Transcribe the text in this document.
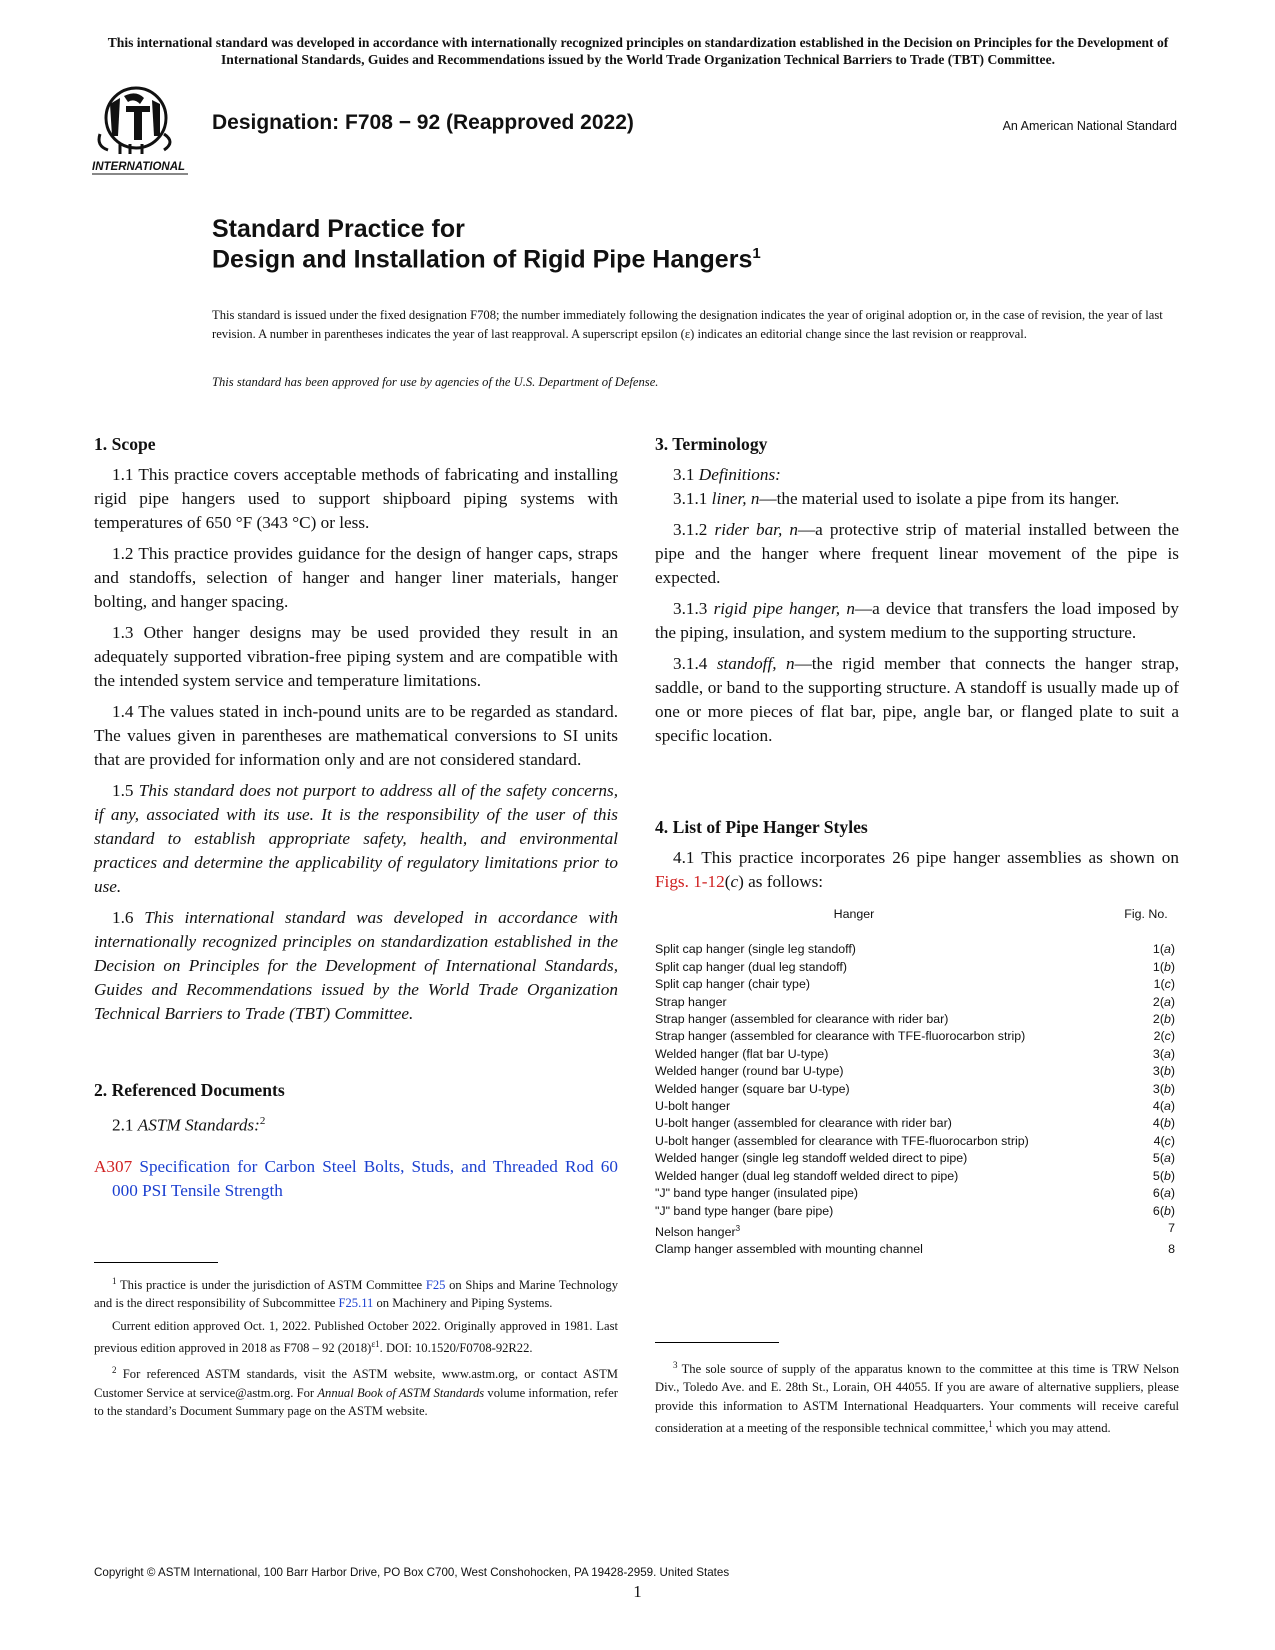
This international standard was developed in accordance with internationally recognized principles on standardization established in the Decision on Principles for the Development of International Standards, Guides and Recommendations issued by the World Trade Organization Technical Barriers to Trade (TBT) Committee.
INTERNATIONAL
Designation: F708 − 92 (Reapproved 2022)	An American National Standard
Standard Practice for
Design and Installation of Rigid Pipe Hangers$^1$
This standard is issued under the fixed designation F708; the number immediately following the designation indicates the year of original adoption or, in the case of revision, the year of last revision. A number in parentheses indicates the year of last reapproval. A superscript epsilon (ε) indicates an editorial change since the last revision or reapproval.
This standard has been approved for use by agencies of the U.S. Department of Defense.
1. Scope

1.1 This practice covers acceptable methods of fabricating and installing rigid pipe hangers used to support shipboard piping systems with temperatures of 650 °F (343 °C) or less.

1.2 This practice provides guidance for the design of hanger caps, straps and standoffs, selection of hanger and hanger liner materials, hanger bolting, and hanger spacing.

1.3 Other hanger designs may be used provided they result in an adequately supported vibration-free piping system and are compatible with the intended system service and temperature limitations.

1.4 The values stated in inch-pound units are to be regarded as standard. The values given in parentheses are mathematical conversions to SI units that are provided for information only and are not considered standard.

1.5 This standard does not purport to address all of the safety concerns, if any, associated with its use. It is the responsibility of the user of this standard to establish appropriate safety, health, and environmental practices and determine the applicability of regulatory limitations prior to use.

1.6 This international standard was developed in accordance with internationally recognized principles on standardization established in the Decision on Principles for the Development of International Standards, Guides and Recommendations issued by the World Trade Organization Technical Barriers to Trade (TBT) Committee.

2. Referenced Documents

2.1 ASTM Standards:$^2$

A307 Specification for Carbon Steel Bolts, Studs, and Threaded Rod 60 000 PSI Tensile Strength

3. Terminology

3.1 Definitions:

3.1.1 liner, n—the material used to isolate a pipe from its hanger.

3.1.2 rider bar, n—a protective strip of material installed between the pipe and the hanger where frequent linear movement of the pipe is expected.

3.1.3 rigid pipe hanger, n—a device that transfers the load imposed by the piping, insulation, and system medium to the supporting structure.

3.1.4 standoff, n—the rigid member that connects the hanger strap, saddle, or band to the supporting structure. A standoff is usually made up of one or more pieces of flat bar, pipe, angle bar, or flanged plate to suit a specific location.

4. List of Pipe Hanger Styles

4.1 This practice incorporates 26 pipe hanger assemblies as shown on Figs. 1-12(c) as follows:

Hanger	Fig. No.
Split cap hanger (single leg standoff)	1(a)
Split cap hanger (dual leg standoff)	1(b)
Split cap hanger (chair type)	1(c)
Strap hanger	2(a)
Strap hanger (assembled for clearance with rider bar)	2(b)
Strap hanger (assembled for clearance with TFE-fluorocarbon strip)	2(c)
Welded hanger (flat bar U-type)	3(a)
Welded hanger (round bar U-type)	3(b)
Welded hanger (square bar U-type)	3(b)
U-bolt hanger	4(a)
U-bolt hanger (assembled for clearance with rider bar)	4(b)
U-bolt hanger (assembled for clearance with TFE-fluorocarbon strip)	4(c)
Welded hanger (single leg standoff welded direct to pipe)	5(a)
Welded hanger (dual leg standoff welded direct to pipe)	5(b)
"J" band type hanger (insulated pipe)	6(a)
"J" band type hanger (bare pipe)	6(b)
Nelson hanger$^3$	7
Clamp hanger assembled with mounting channel	8

$^1$ This practice is under the jurisdiction of ASTM Committee F25 on Ships and Marine Technology and is the direct responsibility of Subcommittee F25.11 on Machinery and Piping Systems.

Current edition approved Oct. 1, 2022. Published October 2022. Originally approved in 1981. Last previous edition approved in 2018 as F708 – 92 $(2018)^{\varepsilon 1}$. DOI: 10.1520/F0708-92R22.

$^2$ For referenced ASTM standards, visit the ASTM website, www.astm.org, or contact ASTM Customer Service at service@astm.org. For Annual Book of ASTM Standards volume information, refer to the standard’s Document Summary page on the ASTM website.

$^3$ The sole source of supply of the apparatus known to the committee at this time is TRW Nelson Div., Toledo Ave. and E. 28th St., Lorain, OH 44055. If you are aware of alternative suppliers, please provide this information to ASTM International Headquarters. Your comments will receive careful consideration at a meeting of the responsible technical committee,$^1$ which you may attend.

Copyright © ASTM International, 100 Barr Harbor Drive, PO Box C700, West Conshohocken, PA 19428-2959. United States
1
